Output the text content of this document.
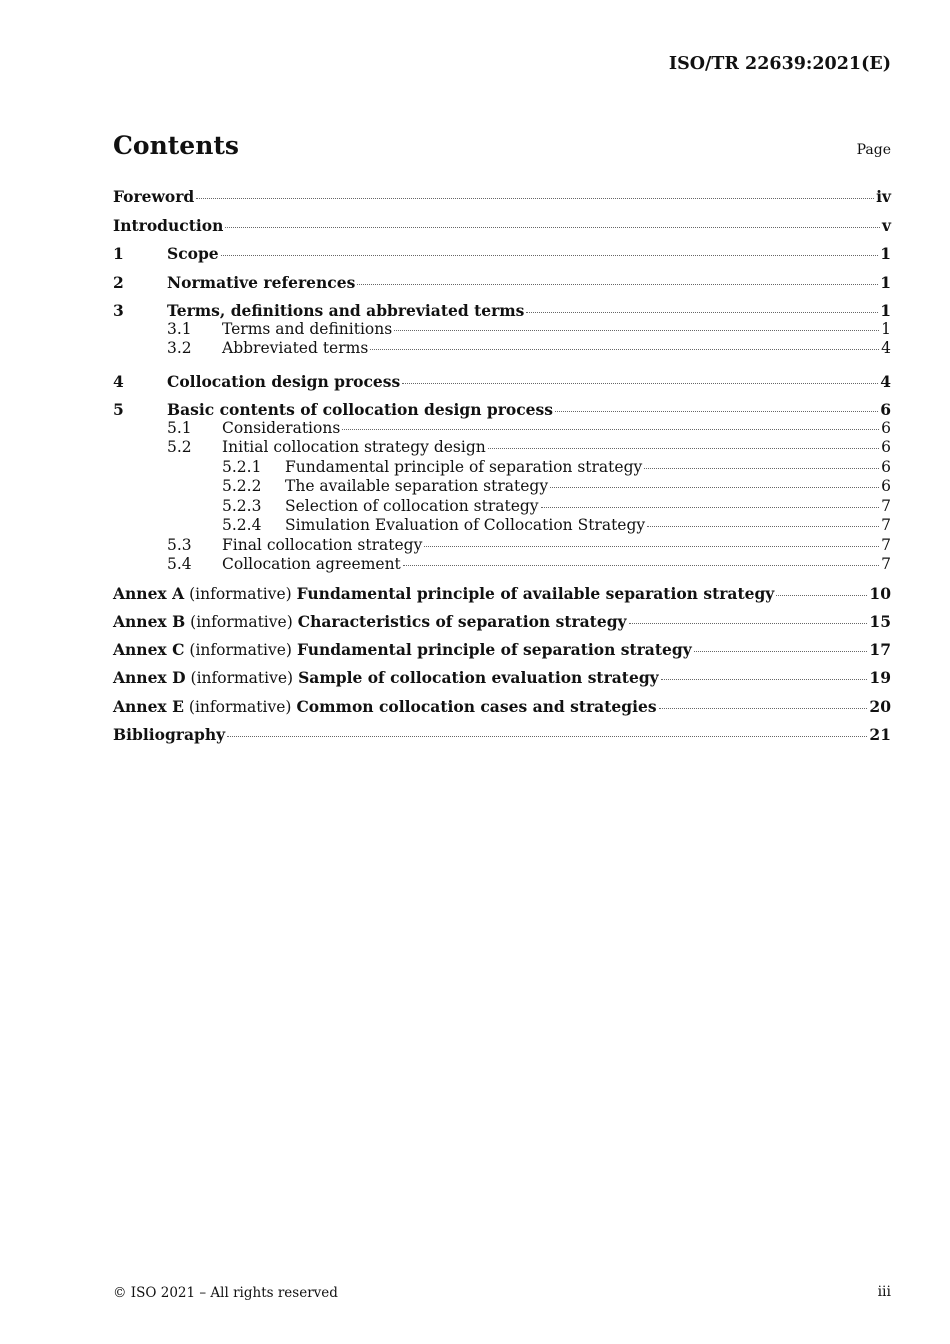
ISO/TR 22639:2021(E)
Contents	Page
Foreword	iv
Introduction	v
1	Scope	1
2	Normative references	1
3	Terms, definitions and abbreviated terms	1
3.1	Terms and definitions	1
3.2	Abbreviated terms	4
4	Collocation design process	4
5	Basic contents of collocation design process	6
5.1	Considerations	6
5.2	Initial collocation strategy design	6
5.2.1	Fundamental principle of separation strategy	6
5.2.2	The available separation strategy	6
5.2.3	Selection of collocation strategy	7
5.2.4	Simulation Evaluation of Collocation Strategy	7
5.3	Final collocation strategy	7
5.4	Collocation agreement	7
Annex A (informative) Fundamental principle of available separation strategy	10
Annex B (informative) Characteristics of separation strategy	15
Annex C (informative) Fundamental principle of separation strategy	17
Annex D (informative) Sample of collocation evaluation strategy	19
Annex E (informative) Common collocation cases and strategies	20
Bibliography	21
© ISO 2021 – All rights reserved	iii
